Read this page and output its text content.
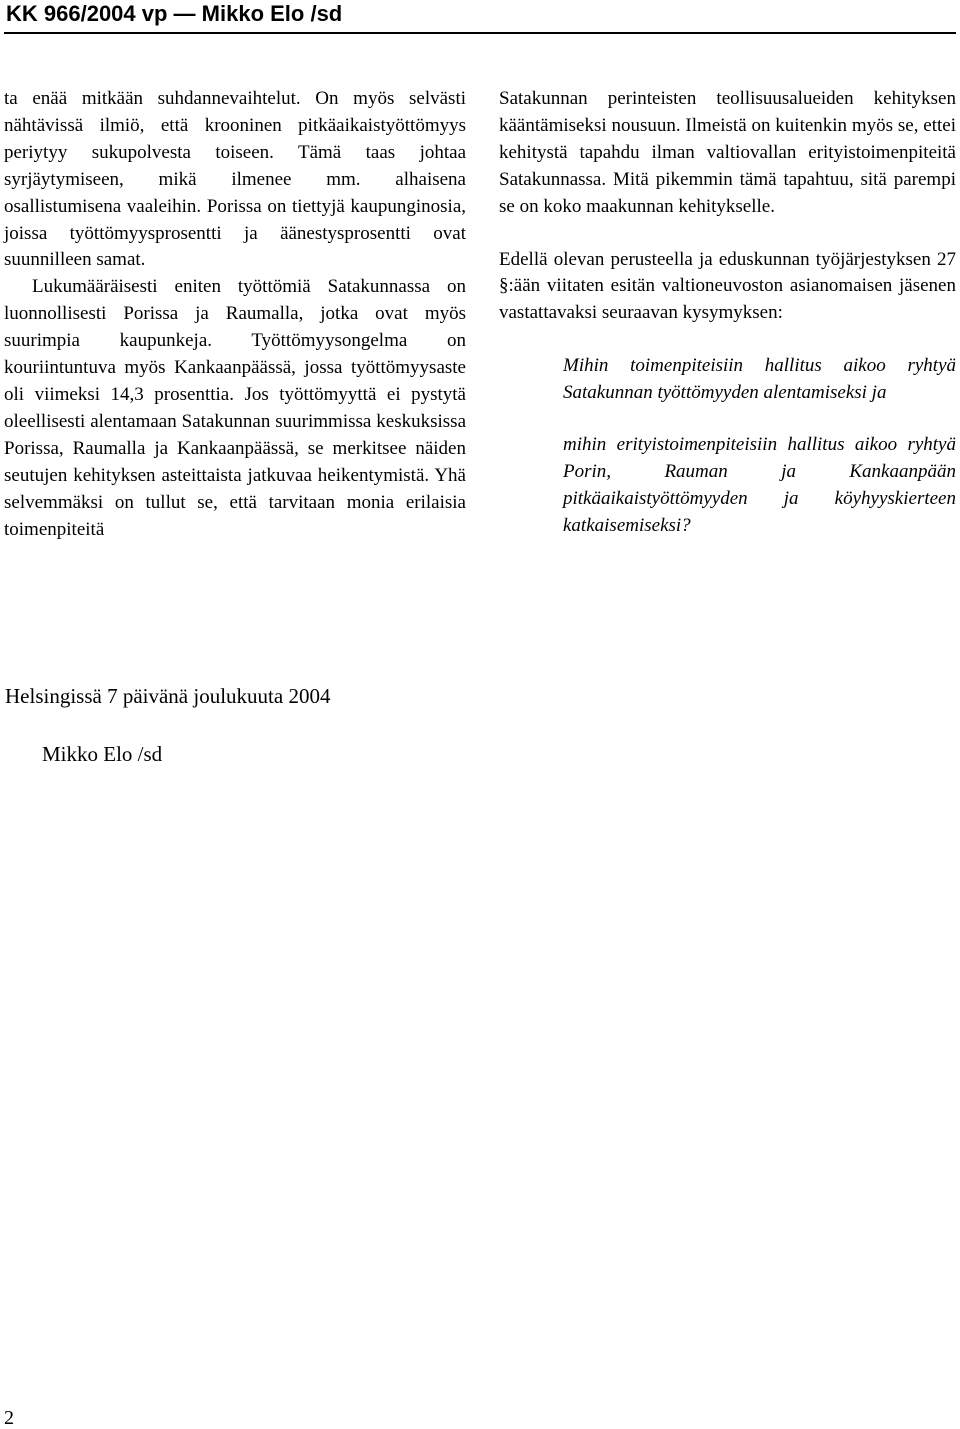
KK 966/2004 vp — Mikko Elo /sd

ta enää mitkään suhdannevaihtelut. On myös selvästi nähtävissä ilmiö, että krooninen pitkäaikaistyöttömyys periytyy sukupolvesta toiseen. Tämä taas johtaa syrjäytymiseen, mikä ilmenee mm. alhaisena osallistumisena vaaleihin. Porissa on tiettyjä kaupunginosia, joissa työttömyysprosentti ja äänestysprosentti ovat suunnilleen samat.

Lukumääräisesti eniten työttömiä Satakunnassa on luonnollisesti Porissa ja Raumalla, jotka ovat myös suurimpia kaupunkeja. Työttömyysongelma on kouriintuntuva myös Kankaanpäässä, jossa työttömyysaste oli viimeksi 14,3 prosenttia. Jos työttömyyttä ei pystytä oleellisesti alentamaan Satakunnan suurimmissa keskuksissa Porissa, Raumalla ja Kankaanpäässä, se merkitsee näiden seutujen kehityksen asteittaista jatkuvaa heikentymistä. Yhä selvemmäksi on tullut se, että tarvitaan monia erilaisia toimenpiteitä

Satakunnan perinteisten teollisuusalueiden kehityksen kääntämiseksi nousuun. Ilmeistä on kuitenkin myös se, ettei kehitystä tapahdu ilman valtiovallan erityistoimenpiteitä Satakunnassa. Mitä pikemmin tämä tapahtuu, sitä parempi se on koko maakunnan kehitykselle.

Edellä olevan perusteella ja eduskunnan työjärjestyksen 27 §:ään viitaten esitän valtioneuvoston asianomaisen jäsenen vastattavaksi seuraavan kysymyksen:

Mihin toimenpiteisiin hallitus aikoo ryhtyä Satakunnan työttömyyden alentamiseksi ja

mihin erityistoimenpiteisiin hallitus aikoo ryhtyä Porin, Rauman ja Kankaanpään pitkäaikaistyöttömyyden ja köyhyyskierteen katkaisemiseksi?

Helsingissä 7 päivänä joulukuuta 2004
Mikko Elo /sd
2
